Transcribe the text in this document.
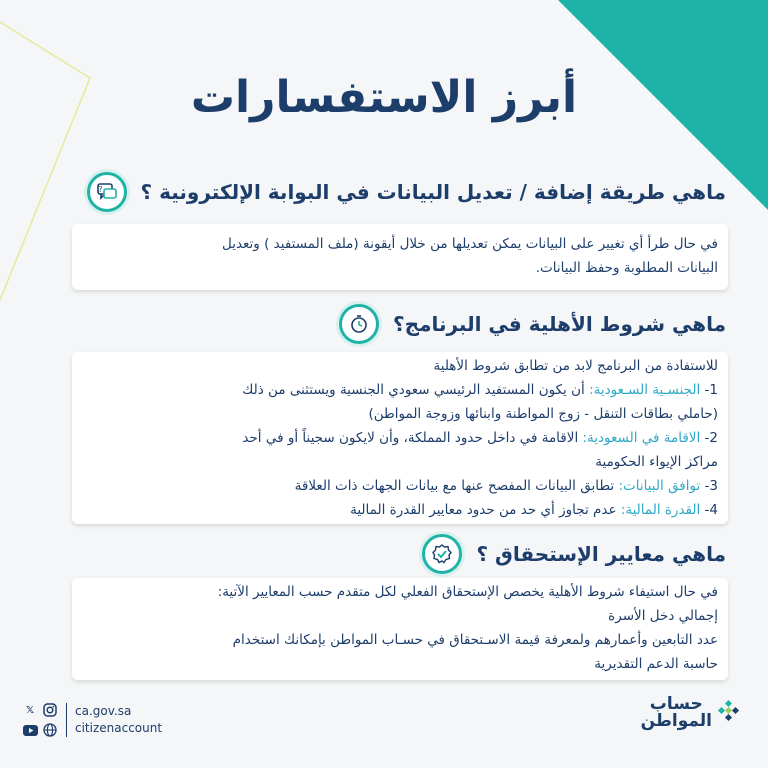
أبرز الاستفسارات
? ماهي طريقة إضافة / تعديل البيانات في البوابة الإلكترونية ؟
في حال طرأ أي تغيير على البيانات يمكن تعديلها من خلال أيقونة (ملف المستفيد ) وتعديل
البيانات المطلوبة وحفظ البيانات.
ماهي شروط الأهلية في البرنامج؟
للاستفادة من البرنامج لابد من تطابق شروط الأهلية
1- الجنسـية السـعودية: أن يكون المستفيد الرئيسي سعودي الجنسية ويستثنى من ذلك
(حاملي بطاقات التنقل - زوج المواطنة وابنائها وزوجة المواطن)
2- الاقامة في السعودية: الاقامة في داخل حدود المملكة، وأن لايكون سجيناً أو في أحد
مراكز الإيواء الحكومية
3- توافق البيانات: تطابق البيانات المفصح عنها مع بيانات الجهات ذات العلاقة
4- القدرة المالية: عدم تجاوز أي حد من حدود معايير القدرة المالية
ماهي معايير الإستحقاق ؟
في حال استيفاء شروط الأهلية يخصص الإستحقاق الفعلي لكل متقدم حسب المعايير الآتية:
إجمالي دخل الأسرة
عدد التابعين وأعمارهم ولمعرفة قيمة الاسـتحقاق في حسـاب المواطن بإمكانك استخدام
حاسبة الدعم التقديرية
𝕏	ca.gov.sa
citizenaccount
حساب
المواطن
